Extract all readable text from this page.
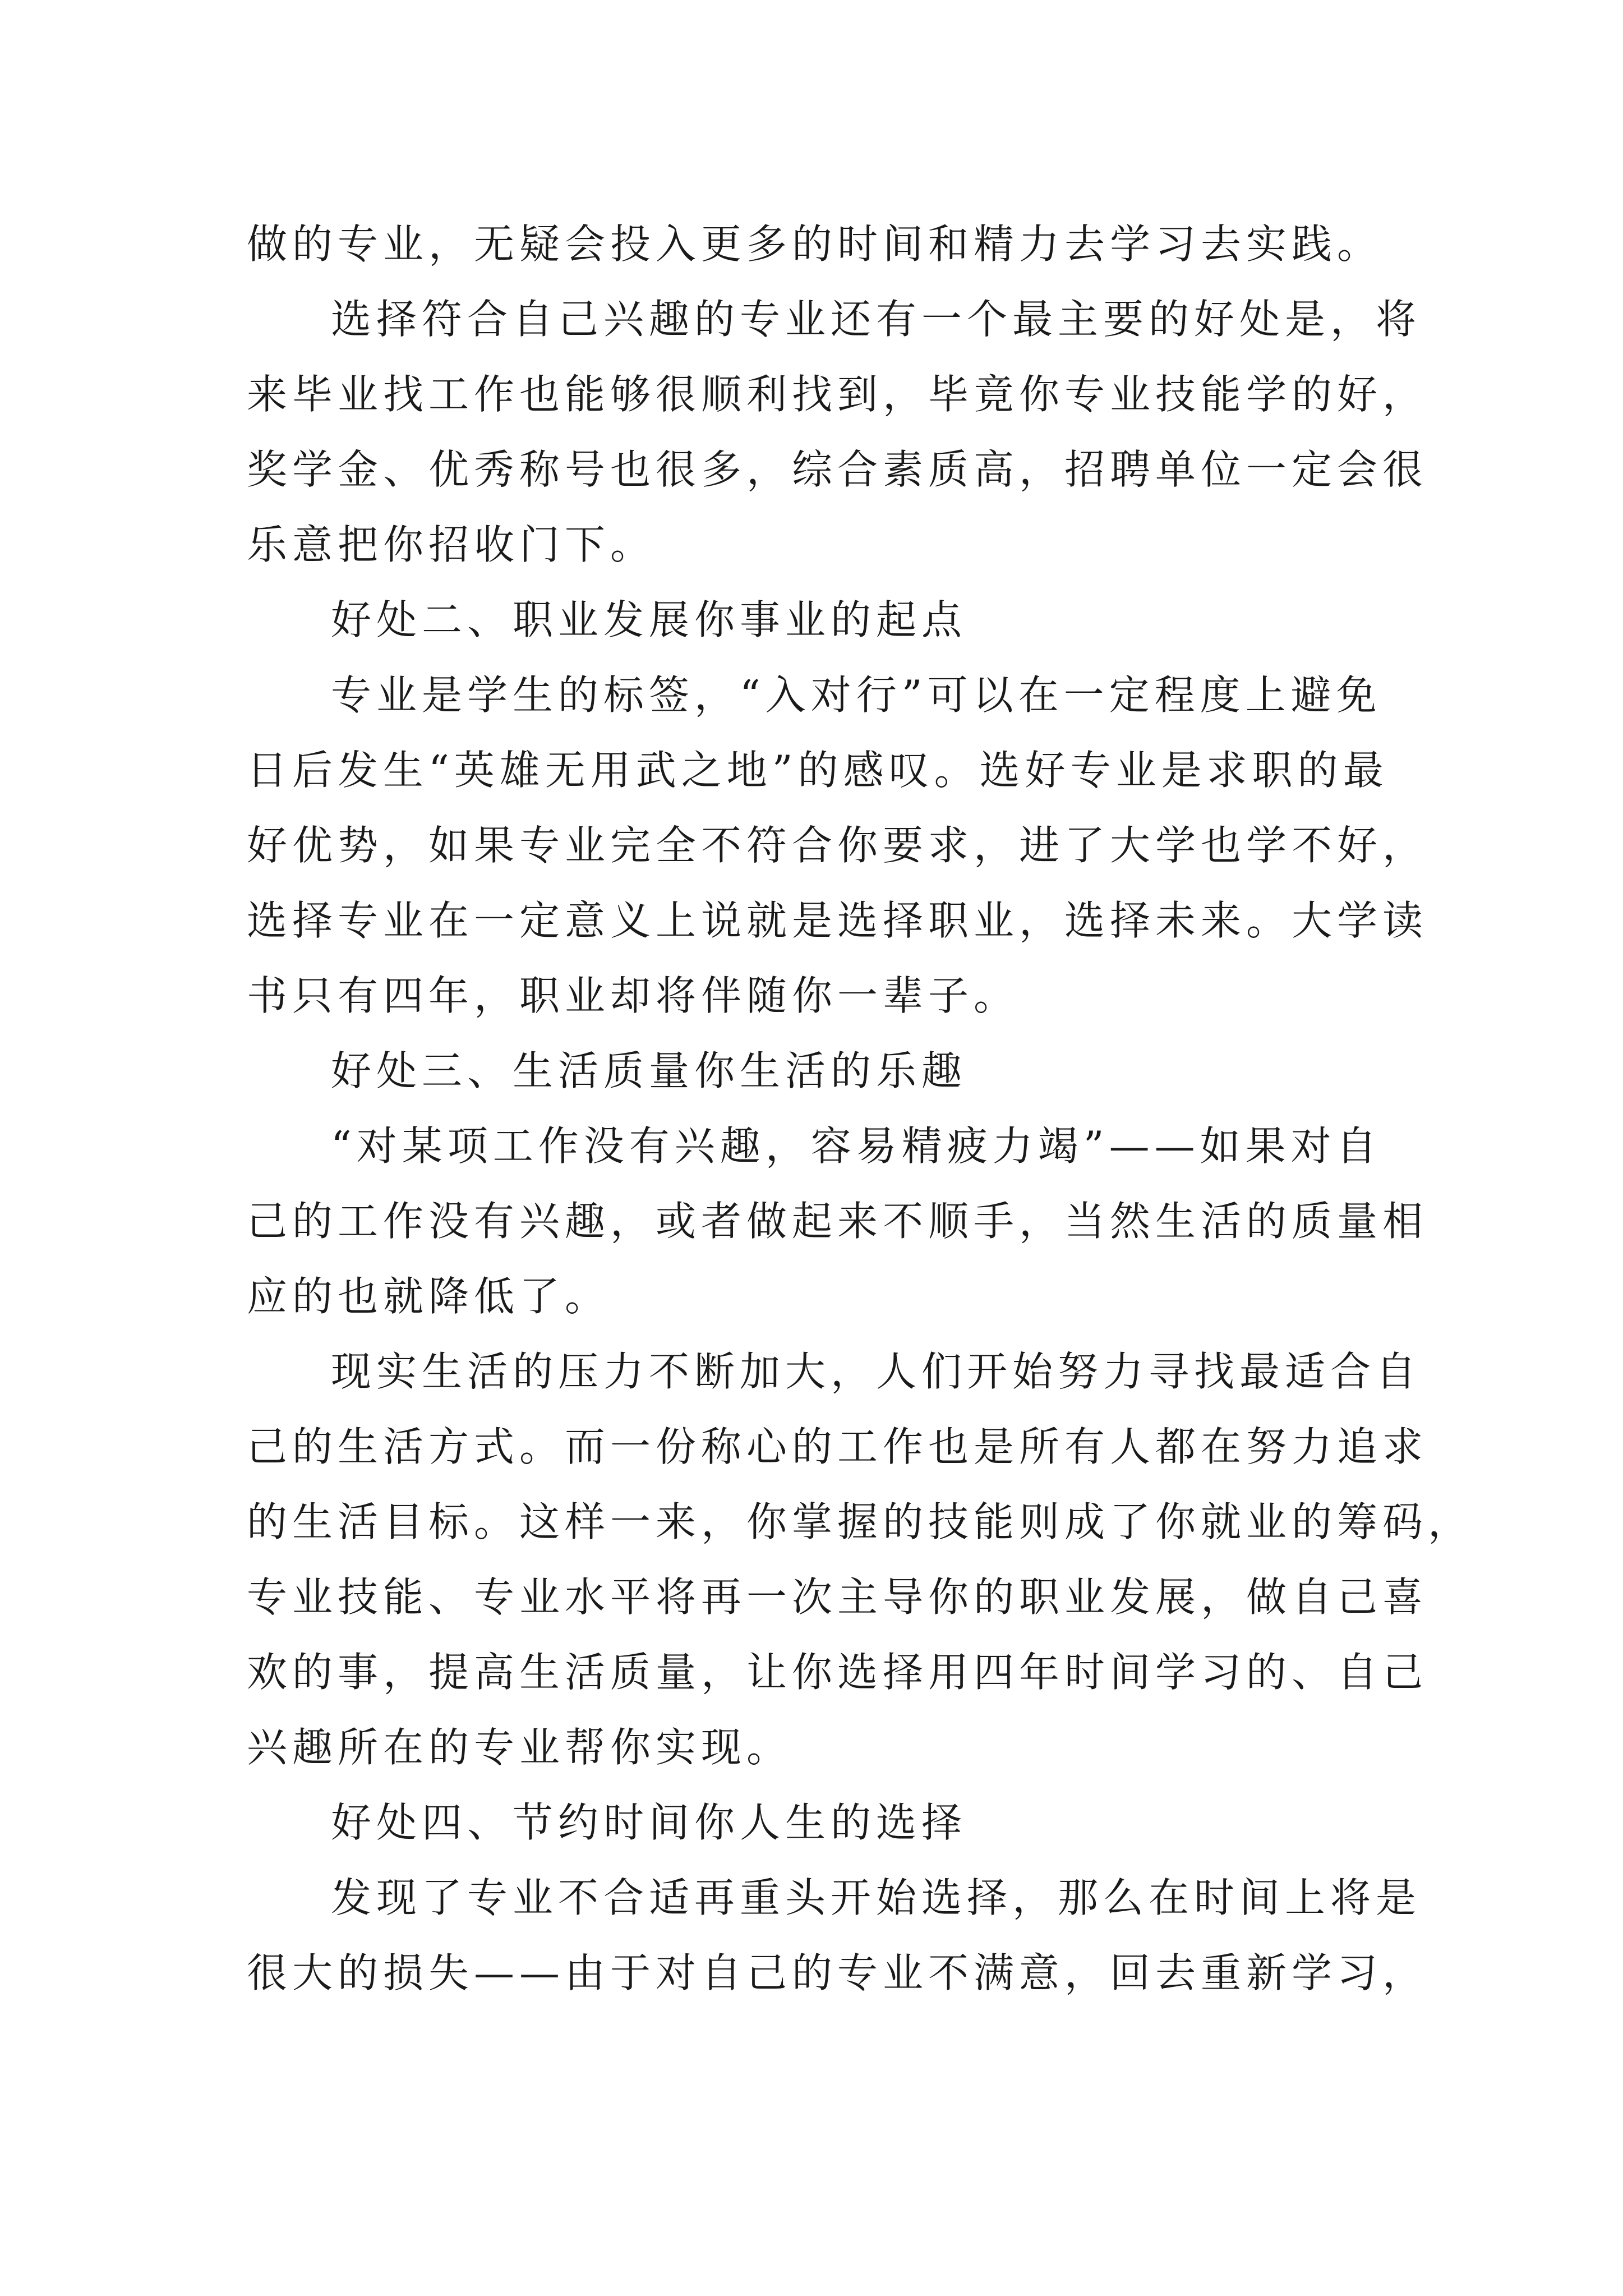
做的专业，无疑会投入更多的时间和精力去学习去实践。
选择符合自己兴趣的专业还有一个最主要的好处是，将
来毕业找工作也能够很顺利找到，毕竟你专业技能学的好，
奖学金、优秀称号也很多，综合素质高，招聘单位一定会很
乐意把你招收门下。
好处二、职业发展你事业的起点
专业是学生的标签，“入对行”可以在一定程度上避免
日后发生“英雄无用武之地”的感叹。选好专业是求职的最
好优势，如果专业完全不符合你要求，进了大学也学不好，
选择专业在一定意义上说就是选择职业，选择未来。大学读
书只有四年，职业却将伴随你一辈子。
好处三、生活质量你生活的乐趣
“对某项工作没有兴趣，容易精疲力竭”——如果对自
己的工作没有兴趣，或者做起来不顺手，当然生活的质量相
应的也就降低了。
现实生活的压力不断加大，人们开始努力寻找最适合自
己的生活方式。而一份称心的工作也是所有人都在努力追求
的生活目标。这样一来，你掌握的技能则成了你就业的筹码，
专业技能、专业水平将再一次主导你的职业发展，做自己喜
欢的事，提高生活质量，让你选择用四年时间学习的、自己
兴趣所在的专业帮你实现。
好处四、节约时间你人生的选择
发现了专业不合适再重头开始选择，那么在时间上将是
很大的损失——由于对自己的专业不满意，回去重新学习，
